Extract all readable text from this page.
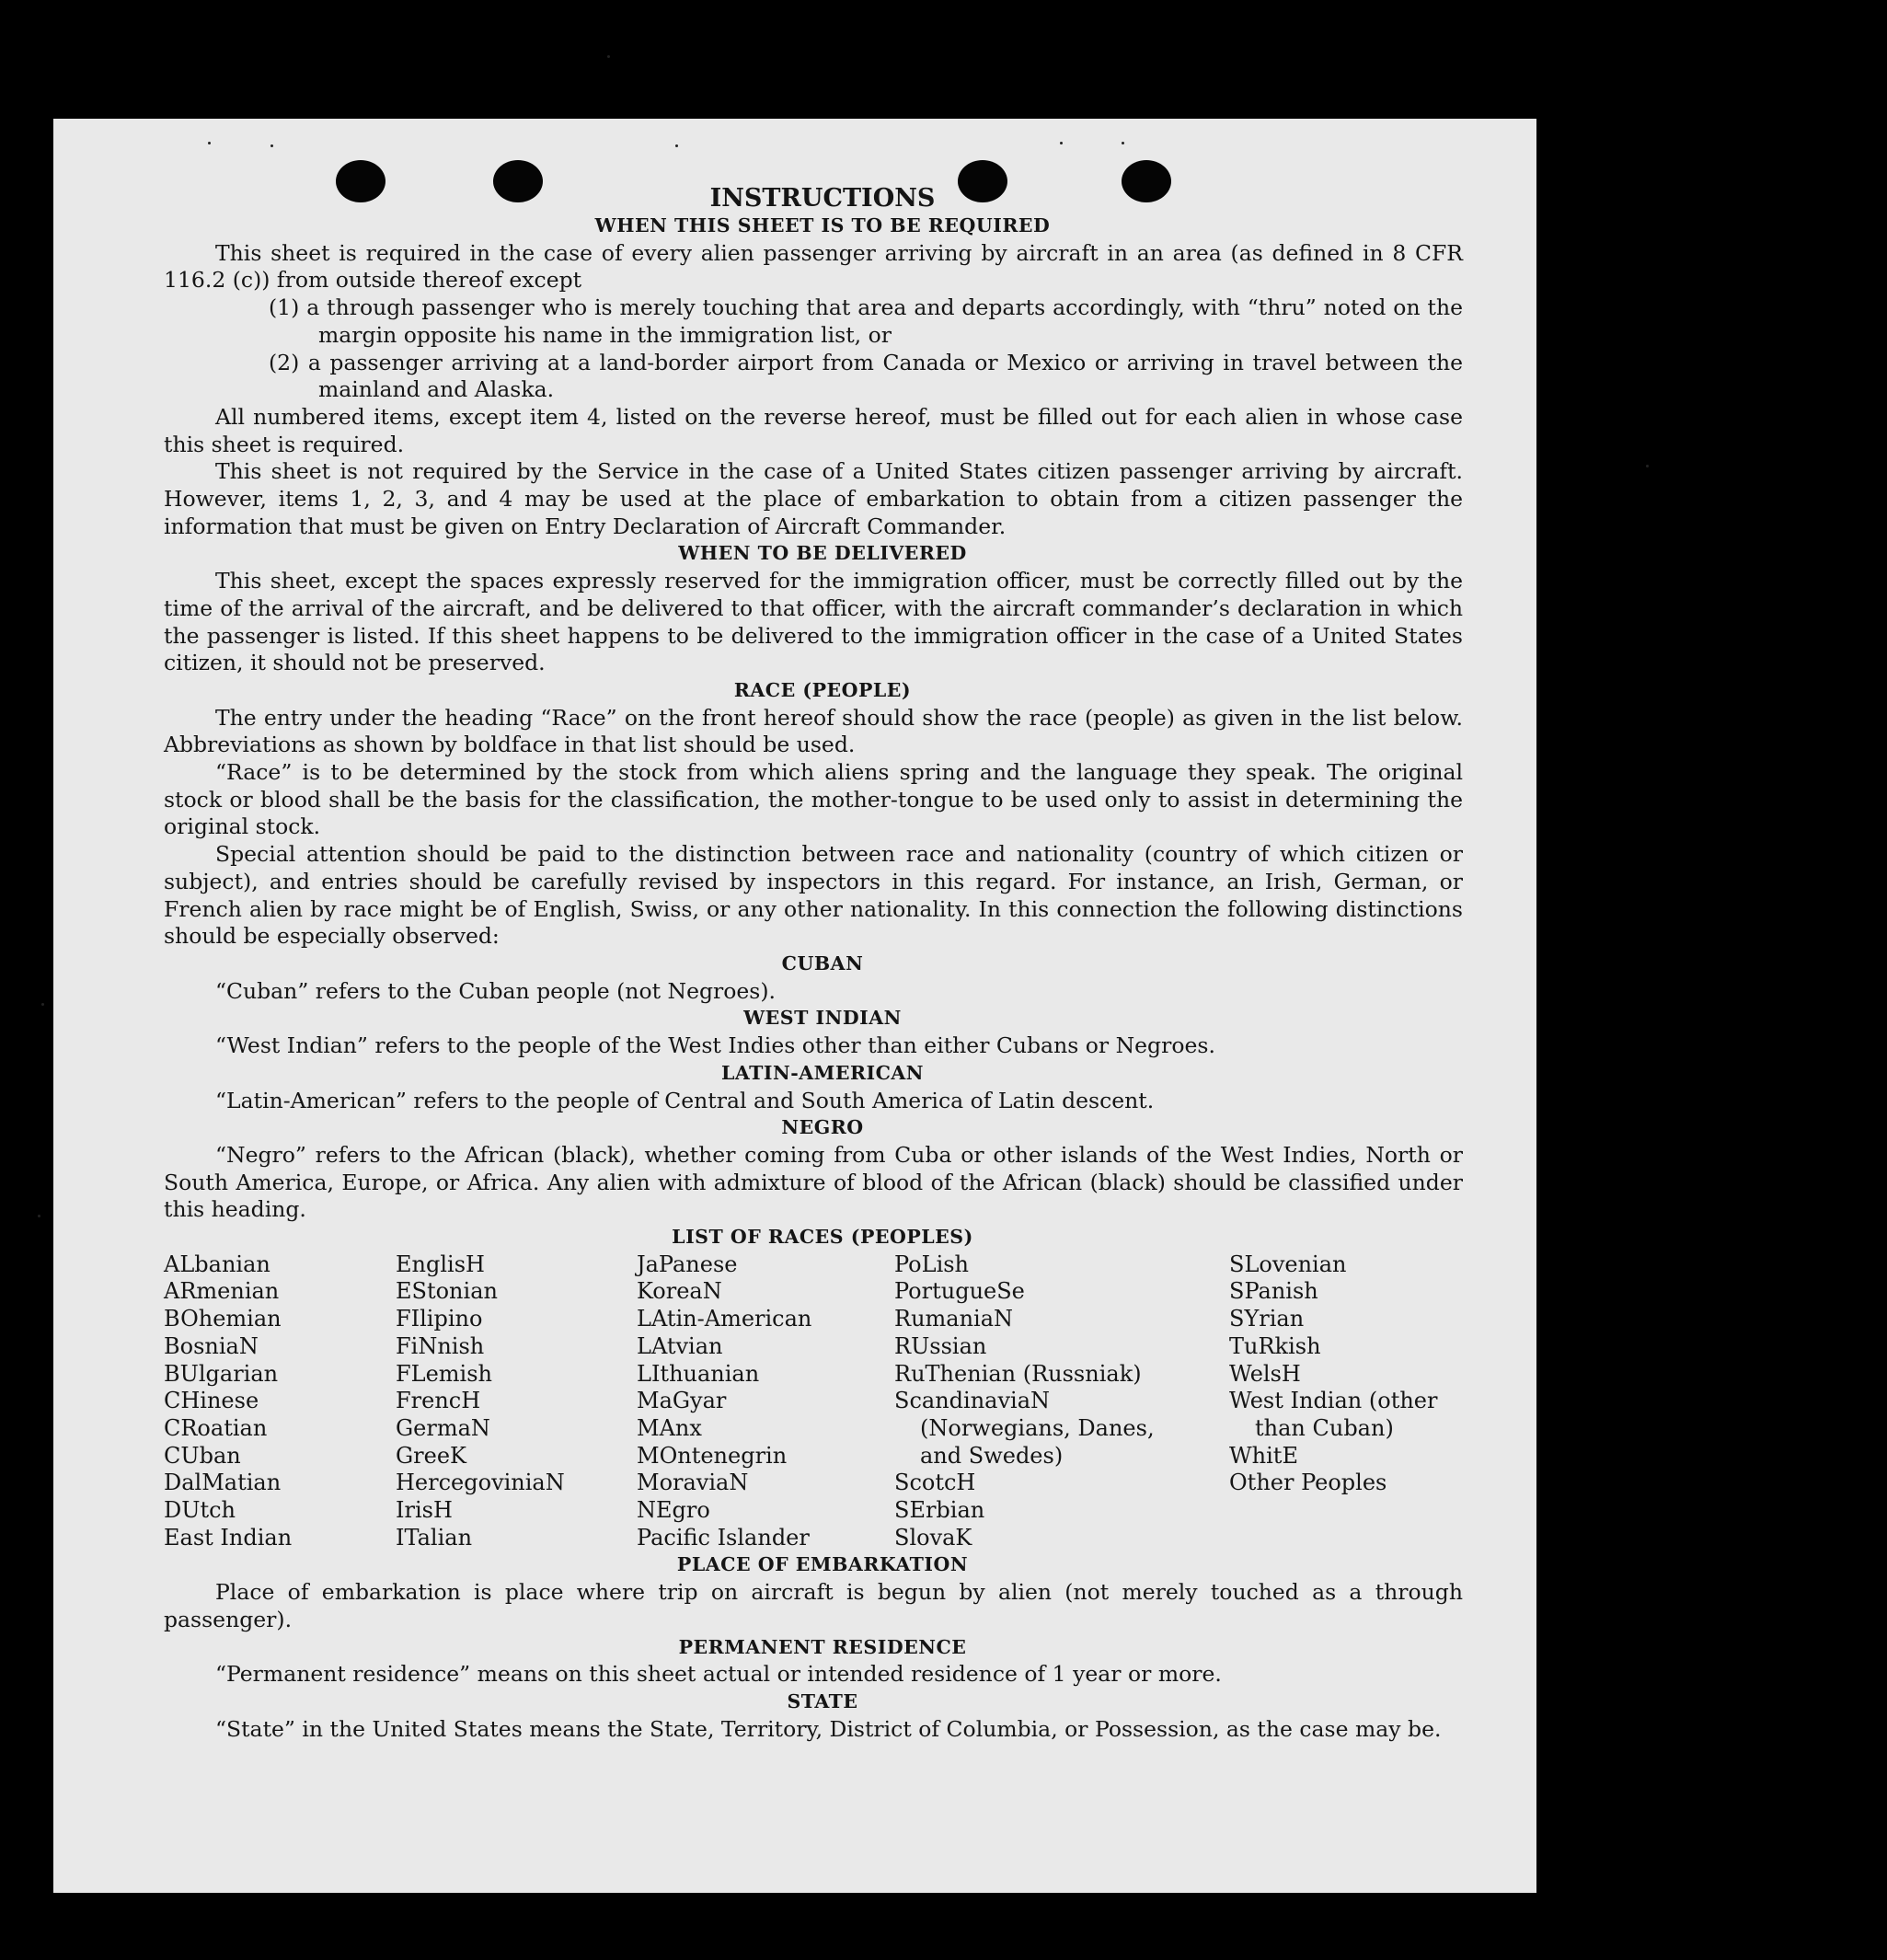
INSTRUCTIONS
WHEN THIS SHEET IS TO BE REQUIRED

This sheet is required in the case of every alien passenger arriving by aircraft in an area (as defined in 8 CFR 116.2 (c)) from outside thereof except

(1) a through passenger who is merely touching that area and departs accordingly, with “thru” noted on the margin opposite his name in the immigration list, or

(2) a passenger arriving at a land-border airport from Canada or Mexico or arriving in travel between the mainland and Alaska.

All numbered items, except item 4, listed on the reverse hereof, must be filled out for each alien in whose case this sheet is required.

This sheet is not required by the Service in the case of a United States citizen passenger arriving by aircraft. However, items 1, 2, 3, and 4 may be used at the place of embarkation to obtain from a citizen passenger the information that must be given on Entry Declaration of Aircraft Commander.

WHEN TO BE DELIVERED

This sheet, except the spaces expressly reserved for the immigration officer, must be correctly filled out by the time of the arrival of the aircraft, and be delivered to that officer, with the aircraft commander’s declaration in which the passenger is listed. If this sheet happens to be delivered to the immigration officer in the case of a United States citizen, it should not be preserved.

RACE (PEOPLE)

The entry under the heading “Race” on the front hereof should show the race (people) as given in the list below. Abbreviations as shown by boldface in that list should be used.

“Race” is to be determined by the stock from which aliens spring and the language they speak. The original stock or blood shall be the basis for the classification, the mother-tongue to be used only to assist in determining the original stock.

Special attention should be paid to the distinction between race and nationality (country of which citizen or subject), and entries should be carefully revised by inspectors in this regard. For instance, an Irish, German, or French alien by race might be of English, Swiss, or any other nationality. In this connection the following distinctions should be especially observed:

CUBAN

“Cuban” refers to the Cuban people (not Negroes).

WEST INDIAN

“West Indian” refers to the people of the West Indies other than either Cubans or Negroes.

LATIN-AMERICAN

“Latin-American” refers to the people of Central and South America of Latin descent.

NEGRO

“Negro” refers to the African (black), whether coming from Cuba or other islands of the West Indies, North or South America, Europe, or Africa. Any alien with admixture of blood of the African (black) should be classified under this heading.

LIST OF RACES (PEOPLES)
ALbanian
ARmenian
BOhemian
BosniaN
BUlgarian
CHinese
CRoatian
CUban
DalMatian
DUtch
East Indian
EnglisH
EStonian
FIlipino
FiNnish
FLemish
FrencH
GermaN
GreeK
HercegoviniaN
IrisH
ITalian
JaPanese
KoreaN
LAtin-American
LAtvian
LIthuanian
MaGyar
MAnx
MOntenegrin
MoraviaN
NEgro
Pacific Islander
PoLish
PortugueSe
RumaniaN
RUssian
RuThenian (Russniak)
ScandinaviaN (Norwegians, Danes, and Swedes)
ScotcH
SErbian
SlovaK
SLovenian
SPanish
SYrian
TuRkish
WelsH
West Indian (other than Cuban)
WhitE
Other Peoples
PLACE OF EMBARKATION

Place of embarkation is place where trip on aircraft is begun by alien (not merely touched as a through passenger).

PERMANENT RESIDENCE

“Permanent residence” means on this sheet actual or intended residence of 1 year or more.

STATE

“State” in the United States means the State, Territory, District of Columbia, or Possession, as the case may be.
